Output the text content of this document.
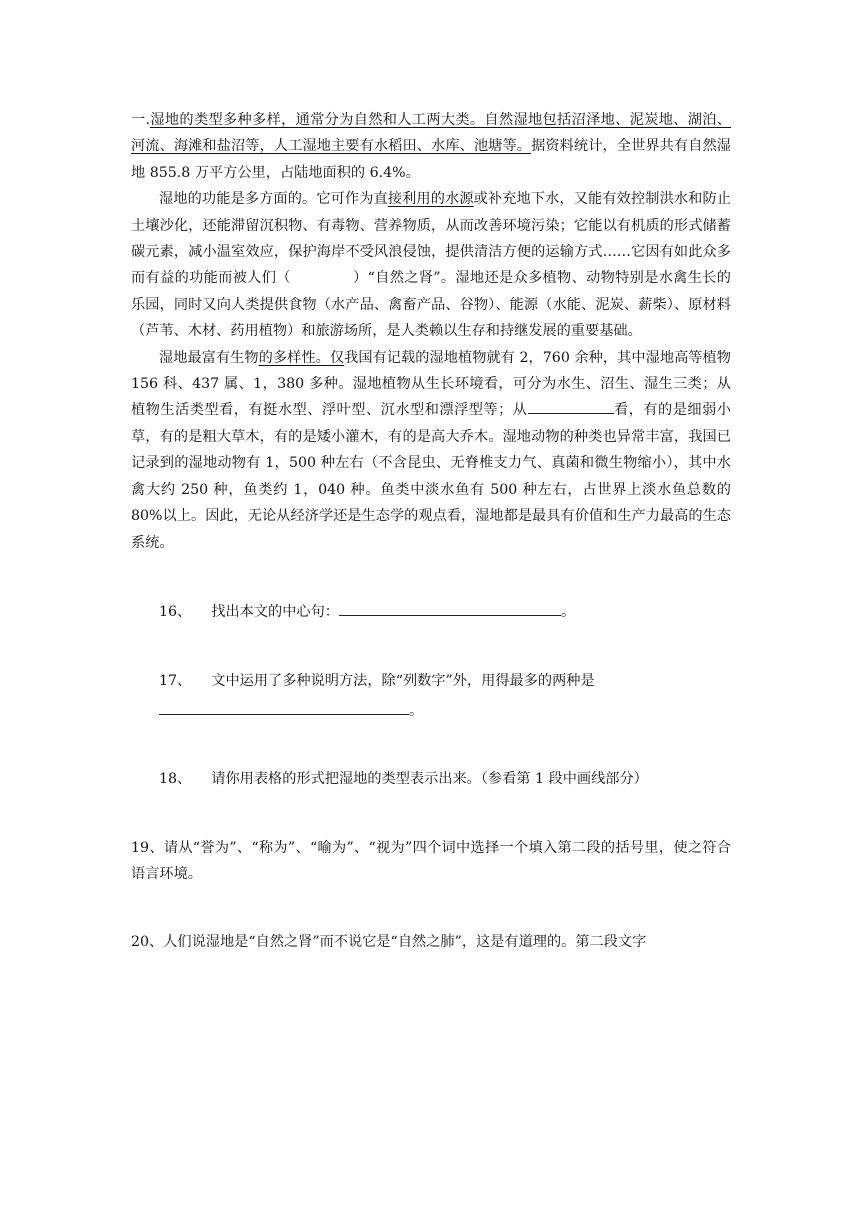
一.湿地的类型多种多样，通常分为自然和人工两大类。自然湿地包括沼泽地、泥炭地、湖泊、河流、海滩和盐沼等，人工湿地主要有水稻田、水库、池塘等。据资料统计，全世界共有自然湿地 855.8 万平方公里，占陆地面积的 6.4%。

湿地的功能是多方面的。它可作为直接利用的水源或补充地下水，又能有效控制洪水和防止土壤沙化，还能滞留沉积物、有毒物、营养物质，从而改善环境污染；它能以有机质的形式储蓄碳元素，减小温室效应，保护海岸不受风浪侵蚀，提供清洁方便的运输方式……它因有如此众多而有益的功能而被人们（	）“自然之肾”。湿地还是众多植物、动物特别是水禽生长的乐园，同时又向人类提供食物（水产品、禽畜产品、谷物）、能源（水能、泥炭、薪柴）、原材料（芦苇、木材、药用植物）和旅游场所，是人类赖以生存和持继发展的重要基础。

湿地最富有生物的多样性。仅我国有记载的湿地植物就有 2，760 余种，其中湿地高等植物 156 科、437 属、1，380 多种。湿地植物从生长环境看，可分为水生、沼生、湿生三类；从植物生活类型看，有挺水型、浮叶型、沉水型和漂浮型等；从	看，有的是细弱小草，有的是粗大草木，有的是矮小灌木，有的是高大乔木。湿地动物的种类也异常丰富，我国已记录到的湿地动物有 1，500 种左右（不含昆虫、无脊椎支力气、真菌和微生物缩小），其中水禽大约 250 种，鱼类约 1，040 种。鱼类中淡水鱼有 500 种左右，占世界上淡水鱼总数的 80%以上。因此，无论从经济学还是生态学的观点看，湿地都是最具有价值和生产力最高的生态系统。

16、 找出本文的中心句：	。

17、 文中运用了多种说明方法，除“列数字”外，用得最多的两种是

。

18、 请你用表格的形式把湿地的类型表示出来。（参看第 1 段中画线部分）

19、请从“誉为”、“称为”、“喻为”、“视为”四个词中选择一个填入第二段的括号里，使之符合语言环境。

20、人们说湿地是“自然之肾”而不说它是“自然之肺”，这是有道理的。第二段文字
